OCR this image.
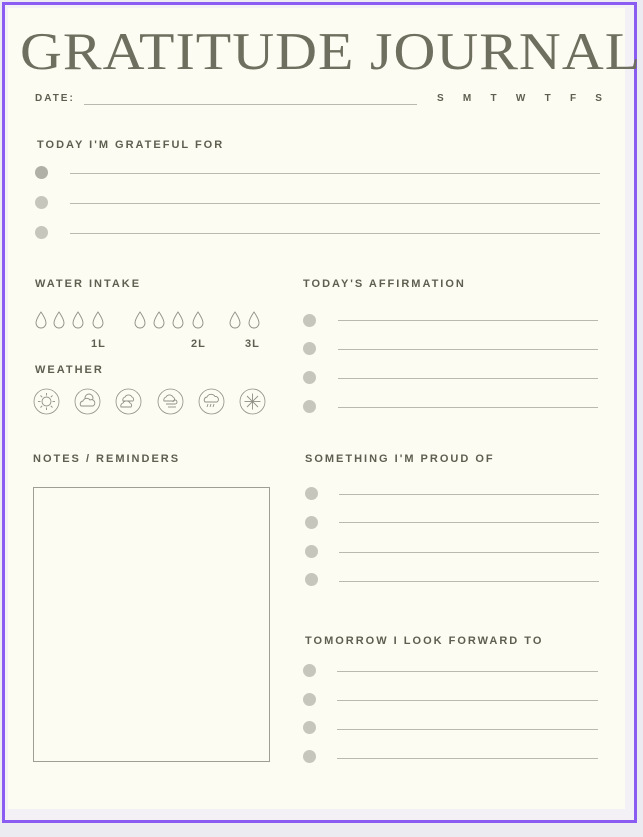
GRATITUDE JOURNAL
DATE:	S M T W T F S
TODAY I'M GRATEFUL FOR
WATER INTAKE
1L	2L	3L
WEATHER
TODAY'S AFFIRMATION
NOTES / REMINDERS	SOMETHING I'M PROUD OF
TOMORROW I LOOK FORWARD TO
